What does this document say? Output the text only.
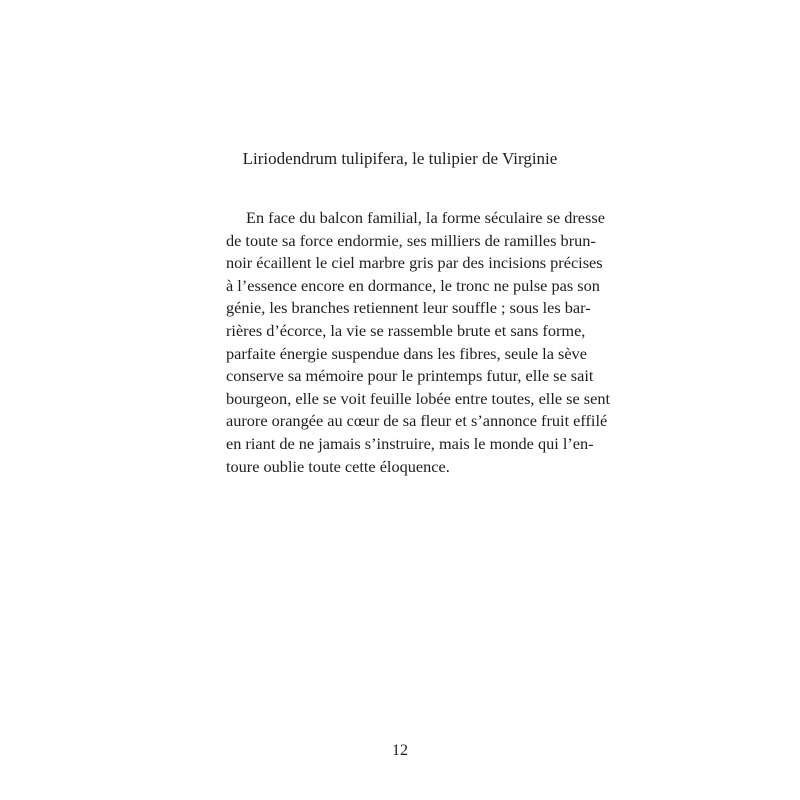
Liriodendrum tulipifera, le tulipier de Virginie
En face du balcon familial, la forme séculaire se dresse
de toute sa force endormie, ses milliers de ramilles brun-
noir écaillent le ciel marbre gris par des incisions précises
à l’essence encore en dormance, le tronc ne pulse pas son
génie, les branches retiennent leur souffle ; sous les bar-
rières d’écorce, la vie se rassemble brute et sans forme,
parfaite énergie suspendue dans les fibres, seule la sève
conserve sa mémoire pour le printemps futur, elle se sait
bourgeon, elle se voit feuille lobée entre toutes, elle se sent
aurore orangée au cœur de sa fleur et s’annonce fruit effilé
en riant de ne jamais s’instruire, mais le monde qui l’en-
toure oublie toute cette éloquence.
12
